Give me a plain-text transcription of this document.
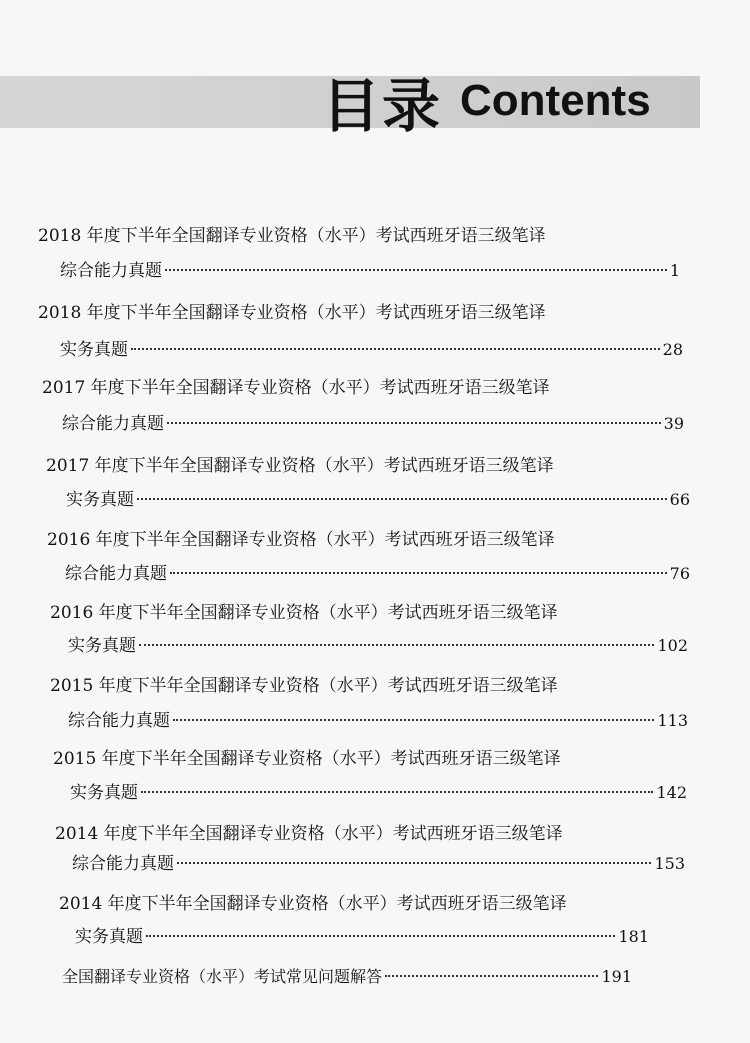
目录 Contents
2018 年度下半年全国翻译专业资格（水平）考试西班牙语三级笔译
综合能力真题	1
2018 年度下半年全国翻译专业资格（水平）考试西班牙语三级笔译
实务真题	28
2017 年度下半年全国翻译专业资格（水平）考试西班牙语三级笔译
综合能力真题	39
2017 年度下半年全国翻译专业资格（水平）考试西班牙语三级笔译
实务真题	66
2016 年度下半年全国翻译专业资格（水平）考试西班牙语三级笔译
综合能力真题	76
2016 年度下半年全国翻译专业资格（水平）考试西班牙语三级笔译
实务真题	102
2015 年度下半年全国翻译专业资格（水平）考试西班牙语三级笔译
综合能力真题	113
2015 年度下半年全国翻译专业资格（水平）考试西班牙语三级笔译
实务真题	142
2014 年度下半年全国翻译专业资格（水平）考试西班牙语三级笔译
综合能力真题	153
2014 年度下半年全国翻译专业资格（水平）考试西班牙语三级笔译
实务真题	181
全国翻译专业资格（水平）考试常见问题解答	191
